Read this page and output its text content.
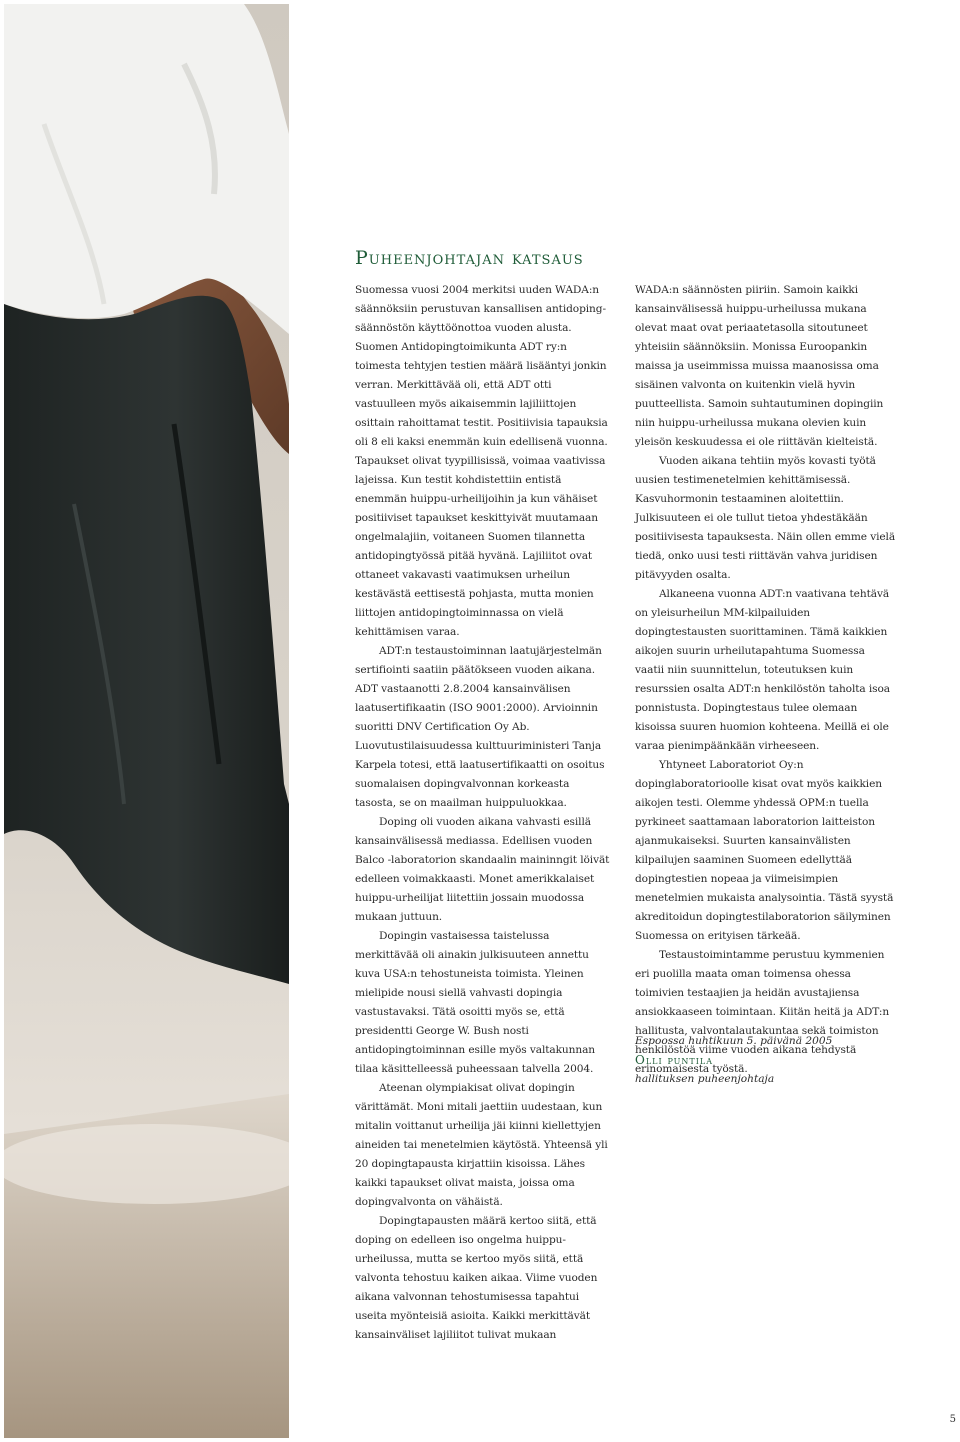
Puheenjohtajan katsaus

Suomessa vuosi 2004 merkitsi uuden WADA:n säännöksiin perustuvan kansallisen antidoping-säännöstön käyttöönottoa vuoden alusta. Suomen Antidopingtoimikunta ADT ry:n toimesta tehtyjen testien määrä lisääntyi jonkin verran. Merkittävää oli, että ADT otti vastuulleen myös aikaisemmin lajiliittojen osittain rahoittamat testit. Positiivisia tapauksia oli 8 eli kaksi enemmän kuin edellisenä vuonna. Tapaukset olivat tyypillisissä, voimaa vaativissa lajeissa. Kun testit kohdistettiin entistä enemmän huippu-urheilijoihin ja kun vähäiset positiiviset tapaukset keskittyivät muutamaan ongelmalajiin, voitaneen Suomen tilannetta antidopingtyössä pitää hyvänä. Lajiliitot ovat ottaneet vakavasti vaatimuksen urheilun kestävästä eettisestä pohjasta, mutta monien liittojen antidopingtoiminnassa on vielä kehittämisen varaa.

ADT:n testaustoiminnan laatujärjestelmän sertifiointi saatiin päätökseen vuoden aikana. ADT vastaanotti 2.8.2004 kansainvälisen laatusertifikaatin (ISO 9001:2000). Arvioinnin suoritti DNV Certification Oy Ab. Luovutustilaisuudessa kulttuuriministeri Tanja Karpela totesi, että laatusertifikaatti on osoitus suomalaisen dopingvalvonnan korkeasta tasosta, se on maailman huippuluokkaa.

Doping oli vuoden aikana vahvasti esillä kansainvälisessä mediassa. Edellisen vuoden Balco -laboratorion skandaalin maininngit löivät edelleen voimakkaasti. Monet amerikkalaiset huippu-urheilijat liitettiin jossain muodossa mukaan juttuun.

Dopingin vastaisessa taistelussa merkittävää oli ainakin julkisuuteen annettu kuva USA:n tehostuneista toimista. Yleinen mielipide nousi siellä vahvasti dopingia vastustavaksi. Tätä osoitti myös se, että presidentti George W. Bush nosti antidopingtoiminnan esille myös valtakunnan tilaa käsittelleessä puheessaan talvella 2004.

Ateenan olympiakisat olivat dopingin värittämät. Moni mitali jaettiin uudestaan, kun mitalin voittanut urheilija jäi kiinni kiellettyjen aineiden tai menetelmien käytöstä. Yhteensä yli 20 dopingtapausta kirjattiin kisoissa. Lähes kaikki tapaukset olivat maista, joissa oma dopingvalvonta on vähäistä.

Dopingtapausten määrä kertoo siitä, että doping on edelleen iso ongelma huippu-urheilussa, mutta se kertoo myös siitä, että valvonta tehostuu kaiken aikaa. Viime vuoden aikana valvonnan tehostumisessa tapahtui useita myönteisiä asioita. Kaikki merkittävät kansainväliset lajiliitot tulivat mukaan

WADA:n säännösten piiriin. Samoin kaikki kansainvälisessä huippu-urheilussa mukana olevat maat ovat periaatetasolla sitoutuneet yhteisiin säännöksiin. Monissa Euroopankin maissa ja useimmissa muissa maanosissa oma sisäinen valvonta on kuitenkin vielä hyvin puutteellista. Samoin suhtautuminen dopingiin niin huippu-urheilussa mukana olevien kuin yleisön keskuudessa ei ole riittävän kielteistä.

Vuoden aikana tehtiin myös kovasti työtä uusien testimenetelmien kehittämisessä. Kasvuhormonin testaaminen aloitettiin. Julkisuuteen ei ole tullut tietoa yhdestäkään positiivisesta tapauksesta. Näin ollen emme vielä tiedä, onko uusi testi riittävän vahva juridisen pitävyyden osalta.

Alkaneena vuonna ADT:n vaativana tehtävä on yleisurheilun MM-kilpailuiden dopingtestausten suorittaminen. Tämä kaikkien aikojen suurin urheilutapahtuma Suomessa vaatii niin suunnittelun, toteutuksen kuin resurssien osalta ADT:n henkilöstön taholta isoa ponnistusta. Dopingtestaus tulee olemaan kisoissa suuren huomion kohteena. Meillä ei ole varaa pienimpäänkään virheeseen.

Yhtyneet Laboratoriot Oy:n dopinglaboratorioolle kisat ovat myös kaikkien aikojen testi. Olemme yhdessä OPM:n tuella pyrkineet saattamaan laboratorion laitteiston ajanmukaiseksi. Suurten kansainvälisten kilpailujen saaminen Suomeen edellyttää dopingtestien nopeaa ja viimeisimpien menetelmien mukaista analysointia. Tästä syystä akreditoidun dopingtestilaboratorion säilyminen Suomessa on erityisen tärkeää.

Testaustoimintamme perustuu kymmenien eri puolilla maata oman toimensa ohessa toimivien testaajien ja heidän avustajiensa ansiokkaaseen toimintaan. Kiitän heitä ja ADT:n hallitusta, valvontalautakuntaa sekä toimiston henkilöstöä viime vuoden aikana tehdystä erinomaisesta työstä.

Espoossa huhtikuun 5. päivänä 2005
Olli puntila
hallituksen puheenjohtaja
5
